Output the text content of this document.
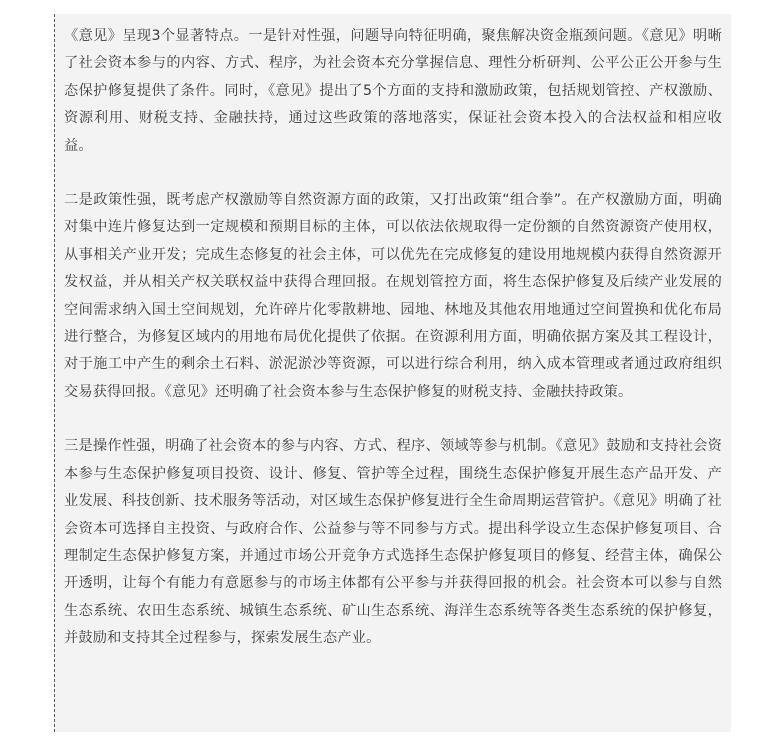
《意见》呈现3个显著特点。一是针对性强，问题导向特征明确，聚焦解决资金瓶颈问题。《意见》明晰了社会资本参与的内容、方式、程序，为社会资本充分掌握信息、理性分析研判、公平公正公开参与生态保护修复提供了条件。同时，《意见》提出了5个方面的支持和激励政策，包括规划管控、产权激励、资源利用、财税支持、金融扶持，通过这些政策的落地落实，保证社会资本投入的合法权益和相应收益。

二是政策性强，既考虑产权激励等自然资源方面的政策，又打出政策“组合拳”。在产权激励方面，明确对集中连片修复达到一定规模和预期目标的主体，可以依法依规取得一定份额的自然资源资产使用权，从事相关产业开发；完成生态修复的社会主体，可以优先在完成修复的建设用地规模内获得自然资源开发权益，并从相关产权关联权益中获得合理回报。在规划管控方面，将生态保护修复及后续产业发展的空间需求纳入国土空间规划，允许碎片化零散耕地、园地、林地及其他农用地通过空间置换和优化布局进行整合，为修复区域内的用地布局优化提供了依据。在资源利用方面，明确依据方案及其工程设计，对于施工中产生的剩余土石料、淤泥淤沙等资源，可以进行综合利用，纳入成本管理或者通过政府组织交易获得回报。《意见》还明确了社会资本参与生态保护修复的财税支持、金融扶持政策。

三是操作性强，明确了社会资本的参与内容、方式、程序、领域等参与机制。《意见》鼓励和支持社会资本参与生态保护修复项目投资、设计、修复、管护等全过程，围绕生态保护修复开展生态产品开发、产业发展、科技创新、技术服务等活动，对区域生态保护修复进行全生命周期运营管护。《意见》明确了社会资本可选择自主投资、与政府合作、公益参与等不同参与方式。提出科学设立生态保护修复项目、合理制定生态保护修复方案，并通过市场公开竞争方式选择生态保护修复项目的修复、经营主体，确保公开透明，让每个有能力有意愿参与的市场主体都有公平参与并获得回报的机会。社会资本可以参与自然生态系统、农田生态系统、城镇生态系统、矿山生态系统、海洋生态系统等各类生态系统的保护修复，并鼓励和支持其全过程参与，探索发展生态产业。
